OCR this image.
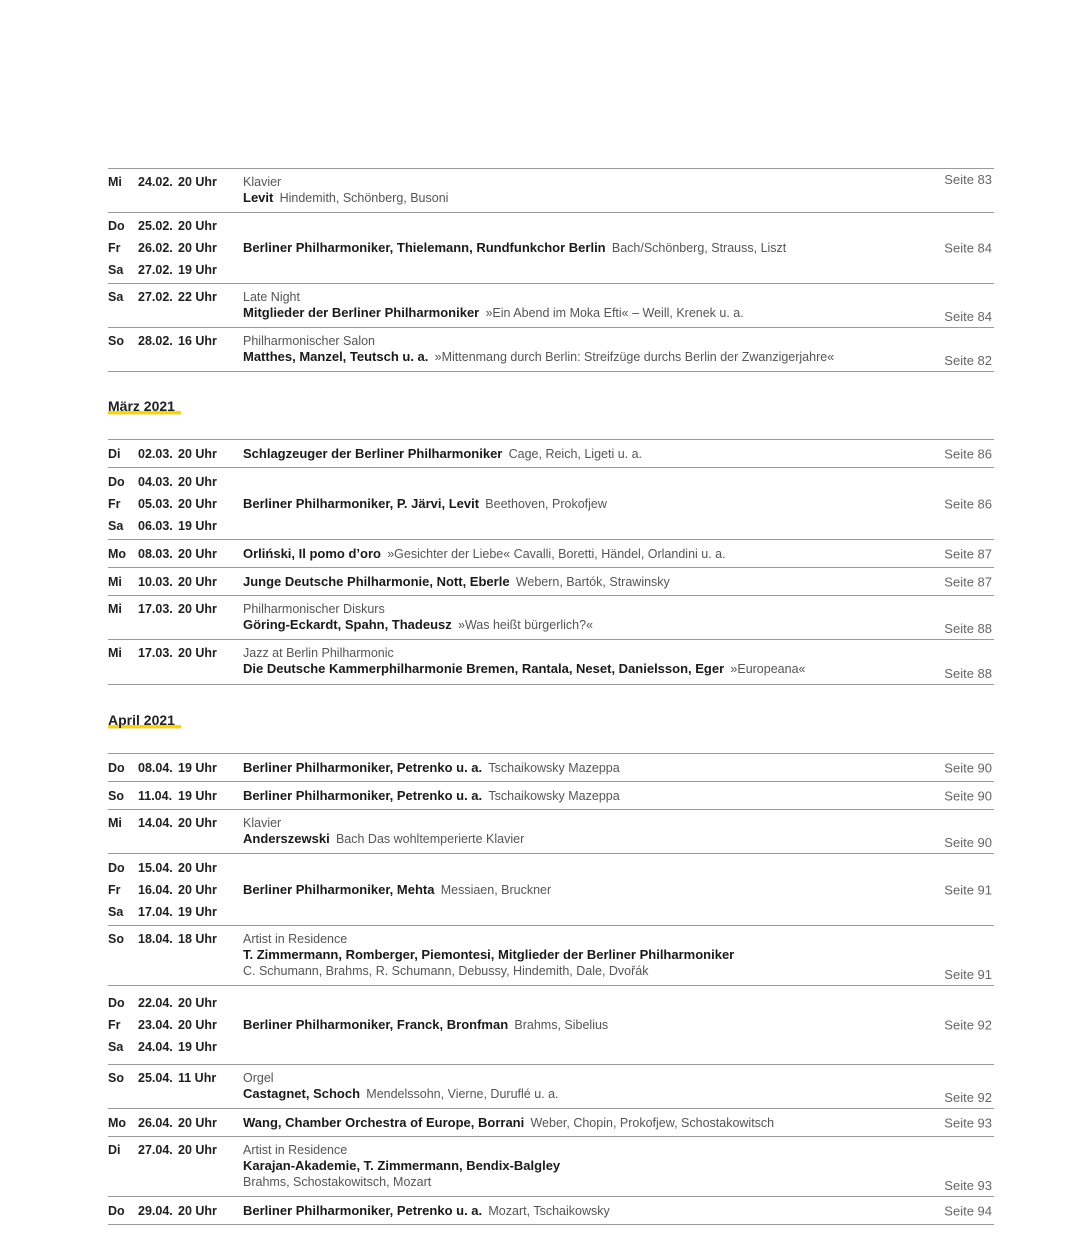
Mi	24.02. 20 Uhr	Klavier
Levit  Hindemith, Schönberg, Busoni
Seite 83
Do	25.02. 20 Uhr
Fr	26.02. 20 Uhr
Sa	27.02. 19 Uhr
Berliner Philharmoniker, Thielemann, Rundfunkchor Berlin  Bach/Schönberg, Strauss, Liszt	Seite 84
Sa	27.02. 22 Uhr	Late Night
Mitglieder der Berliner Philharmoniker  »Ein Abend im Moka Efti« – Weill, Krenek u. a.	Seite 84
So	28.02. 16 Uhr	Philharmonischer Salon
Matthes, Manzel, Teutsch u. a.  »Mittenmang durch Berlin: Streifzüge durchs Berlin der Zwanzigerjahre«	Seite 82
März 2021
Di	02.03. 20 Uhr	Schlagzeuger der Berliner Philharmoniker  Cage, Reich, Ligeti u. a.	Seite 86
Do	04.03. 20 Uhr
Fr	05.03. 20 Uhr
Sa	06.03. 19 Uhr
Berliner Philharmoniker, P. Järvi, Levit  Beethoven, Prokofjew	Seite 86
Mo 08.03. 20 Uhr	Orliński, Il pomo d’oro  »Gesichter der Liebe« Cavalli, Boretti, Händel, Orlandini u. a.	Seite 87
Mi	10.03. 20 Uhr	Junge Deutsche Philharmonie, Nott, Eberle  Webern, Bartók, Strawinsky	Seite 87
Mi	17.03. 20 Uhr	Philharmonischer Diskurs
Göring-Eckardt, Spahn, Thadeusz  »Was heißt bürgerlich?«	Seite 88
Mi	17.03. 20 Uhr	Jazz at Berlin Philharmonic
Die Deutsche Kammerphilharmonie Bremen, Rantala, Neset, Danielsson, Eger  »Europeana«	Seite 88
April 2021
Do	08.04. 19 Uhr	Berliner Philharmoniker, Petrenko u. a.  Tschaikowsky Mazeppa	Seite 90
So	11.04. 19 Uhr	Berliner Philharmoniker, Petrenko u. a.  Tschaikowsky Mazeppa	Seite 90
Mi	14.04. 20 Uhr	Klavier
Anderszewski  Bach Das wohltemperierte Klavier	Seite 90
Do	15.04. 20 Uhr
Fr	16.04. 20 Uhr
Sa	17.04. 19 Uhr
Berliner Philharmoniker, Mehta  Messiaen, Bruckner	Seite 91
So	18.04. 18 Uhr	Artist in Residence
T. Zimmermann, Romberger, Piemontesi, Mitglieder der Berliner Philharmoniker
C. Schumann, Brahms, R. Schumann, Debussy, Hindemith, Dale, Dvořák	Seite 91
Do	22.04. 20 Uhr
Fr	23.04. 20 Uhr
Sa	24.04. 19 Uhr
Berliner Philharmoniker, Franck, Bronfman  Brahms, Sibelius	Seite 92
So	25.04. 11 Uhr	Orgel
Castagnet, Schoch  Mendelssohn, Vierne, Duruflé u. a.	Seite 92
Mo 26.04. 20 Uhr	Wang, Chamber Orchestra of Europe, Borrani  Weber, Chopin, Prokofjew, Schostakowitsch	Seite 93
Di	27.04. 20 Uhr	Artist in Residence
Karajan-Akademie, T. Zimmermann, Bendix-Balgley
Brahms, Schostakowitsch, Mozart	Seite 93
Do	29.04. 20 Uhr	Berliner Philharmoniker, Petrenko u. a.  Mozart, Tschaikowsky	Seite 94
